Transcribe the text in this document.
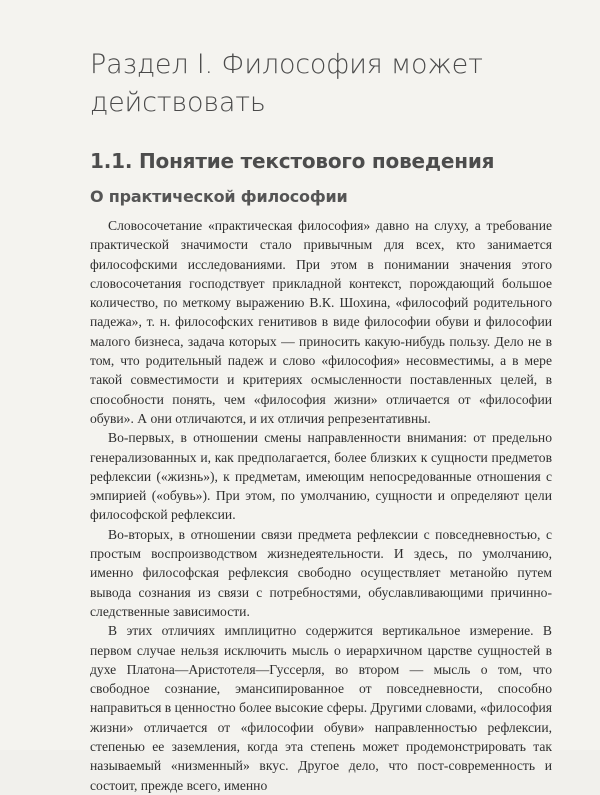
Раздел I. Философия может действовать
1.1. Понятие текстового поведения
О практической философии

Словосочетание «практическая философия» давно на слуху, а требование практической значимости стало привычным для всех, кто занимается философскими исследованиями. При этом в понимании значения этого словосочетания господствует прикладной контекст, порождающий большое количество, по меткому выражению В.К. Шохина, «философий родительного падежа», т. н. философских генитивов в виде философии обуви и философии малого бизнеса, задача которых — приносить какую-нибудь пользу. Дело не в том, что родительный падеж и слово «философия» несовместимы, а в мере такой совместимости и критериях осмысленности поставленных целей, в способности понять, чем «философия жизни» отличается от «философии обуви». А они отличаются, и их отличия репрезентативны.

Во-первых, в отношении смены направленности внимания: от предельно генерализованных и, как предполагается, более близких к сущности предметов рефлексии («жизнь»), к предметам, имеющим непосредованные отношения с эмпирией («обувь»). При этом, по умолчанию, сущности и определяют цели философской рефлексии.

Во-вторых, в отношении связи предмета рефлексии с повседневностью, с простым воспроизводством жизнедеятельности. И здесь, по умолчанию, именно философская рефлексия свободно осуществляет метанойю путем вывода сознания из связи с потребностями, обуславливающими причинно-следственные зависимости.

В этих отличиях имплицитно содержится вертикальное измерение. В первом случае нельзя исключить мысль о иерархичном царстве сущностей в духе Платона—Аристотеля—Гуссерля, во втором — мысль о том, что свободное сознание, эмансипированное от повседневности, способно направиться в ценностно более высокие сферы. Другими словами, «философия жизни» отличается от «философии обуви» направленностью рефлексии, степенью ее заземления, когда эта степень может продемонстрировать так называемый «низменный» вкус. Другое дело, что пост-современность и состоит, прежде всего, именно
